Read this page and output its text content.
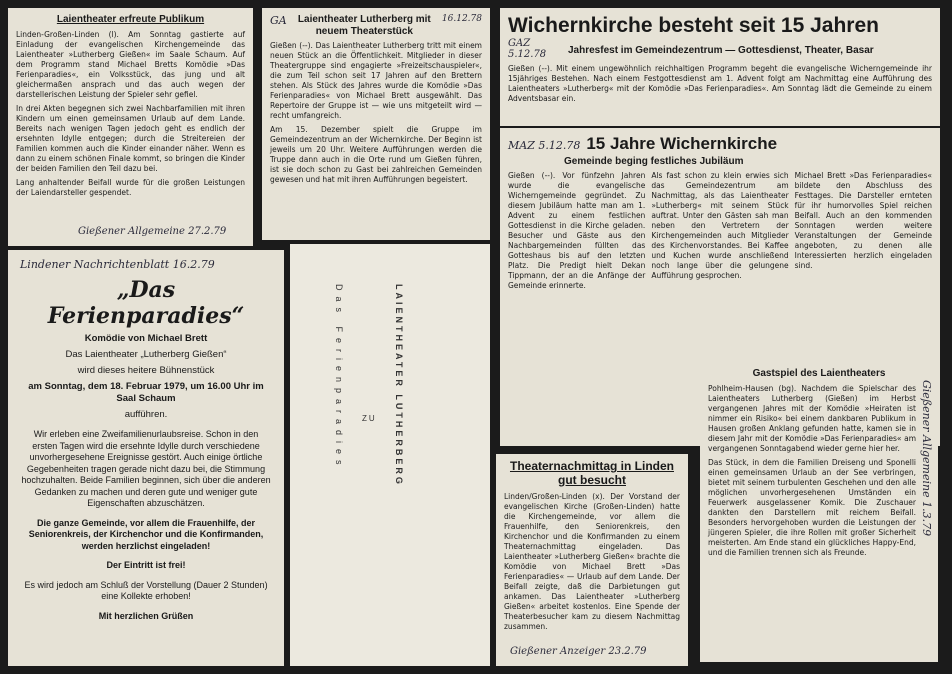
Laientheater erfreute Publikum

Linden-Großen-Linden (l). Am Sonntag gastierte auf Einladung der evangelischen Kirchengemeinde das Laientheater »Lutherberg Gießen« im Saale Schaum. Auf dem Programm stand Michael Bretts Komödie »Das Ferienparadies«, ein Volksstück, das jung und alt gleichermaßen ansprach und das auch wegen der darstellerischen Leistung der Spieler sehr gefiel.

In drei Akten begegnen sich zwei Nachbarfamilien mit ihren Kindern um einen gemeinsamen Urlaub auf dem Lande. Bereits nach wenigen Tagen jedoch geht es endlich der ersehnten Idylle entgegen; durch die Streitereien der Familien kommen auch die Kinder einander näher. Wenn es dann zu einem schönen Finale kommt, so bringen die Kinder der beiden Familien den Teil dazu bei.

Lang anhaltender Beifall wurde für die großen Leistungen der Laiendarsteller gespendet.

Gießener Allgemeine 27.2.79
GA	Laientheater Lutherberg mit neuem Theaterstück
16.12.78

Gießen (--). Das Laientheater Lutherberg tritt mit einem neuen Stück an die Öffentlichkeit. Mitglieder in dieser Theatergruppe sind engagierte »Freizeitschauspieler«, die zum Teil schon seit 17 Jahren auf den Brettern stehen. Als Stück des Jahres wurde die Komödie »Das Ferienparadies« von Michael Brett ausgewählt. Das Repertoire der Gruppe ist — wie uns mitgeteilt wird — recht umfangreich.

Am 15. Dezember spielt die Gruppe im Gemeindezentrum an der Wichernkirche. Der Beginn ist jeweils um 20 Uhr. Weitere Aufführungen werden die Truppe dann auch in die Orte rund um Gießen führen, ist sie doch schon zu Gast bei zahlreichen Gemeinden gewesen und hat mit ihren Aufführungen begeistert.

Wichernkirche besteht seit 15 Jahren
GAZ 5.12.78	Jahresfest im Gemeindezentrum — Gottesdienst, Theater, Basar

Gießen (--). Mit einem ungewöhnlich reichhaltigen Programm begeht die evangelische Wicherngemeinde ihr 15jähriges Bestehen. Nach einem Festgottesdienst am 1. Advent folgt am Nachmittag eine Aufführung des Laientheaters »Lutherberg« mit der Komödie »Das Ferienparadies«. Am Sonntag lädt die Gemeinde zu einem Adventsbasar ein.

MAZ 5.12.78 15 Jahre Wichernkirche
Gemeinde beging festliches Jubiläum
Gießen (--). Vor fünfzehn Jahren wurde die evangelische Wicherngemeinde gegründet. Zu diesem Jubiläum hatte man am 1. Advent zu einem festlichen Gottesdienst in die Kirche geladen. Besucher und Gäste aus den Nachbargemeinden füllten das Gotteshaus bis auf den letzten Platz. Die Predigt hielt Dekan Tippmann, der an die Anfänge der Gemeinde erinnerte.
Als fast schon zu klein erwies sich das Gemeindezentrum am Nachmittag, als das Laientheater »Lutherberg« mit seinem Stück auftrat. Unter den Gästen sah man neben den Vertretern der Kirchengemeinden auch Mitglieder des Kirchenvorstandes. Bei Kaffee und Kuchen wurde anschließend noch lange über die gelungene Aufführung gesprochen.
Michael Brett »Das Ferienparadies« bildete den Abschluss des Festtages. Die Darsteller ernteten für ihr humorvolles Spiel reichen Beifall. Auch an den kommenden Sonntagen werden weitere Veranstaltungen der Gemeinde angeboten, zu denen alle Interessierten herzlich eingeladen sind.
Lindener Nachrichtenblatt 16.2.79
„Das Ferienparadies“
Komödie von Michael Brett
Das Laientheater „Lutherberg Gießen“
wird dieses heitere Bühnenstück
am Sonntag, dem 18. Februar 1979, um 16.00 Uhr im Saal Schaum
aufführen.
Wir erleben eine Zweifamilienurlaubsreise. Schon in den ersten Tagen wird die ersehnte Idylle durch verschiedene unvorhergesehene Ereignisse gestört. Auch einige örtliche Gegebenheiten tragen gerade nicht dazu bei, die Stimmung hochzuhalten. Beide Familien beginnen, sich über die anderen Gedanken zu machen und deren gute und weniger gute Eigenschaften abzuschätzen.
Die ganze Gemeinde, vor allem die Frauenhilfe, der Seniorenkreis, der Kirchenchor und die Konfirmanden, werden herzlichst eingeladen!
Der Eintritt ist frei!
Es wird jedoch am Schluß der Vorstellung (Dauer 2 Stunden) eine Kollekte erhoben!
Mit herzlichen Grüßen
Das Ferienparadies	LAIENTHEATER LUTHERBERG
ZU
Theaternachmittag in Linden gut besucht

Linden/Großen-Linden (x). Der Vorstand der evangelischen Kirche (Großen-Linden) hatte die Kirchengemeinde, vor allem die Frauenhilfe, den Seniorenkreis, den Kirchenchor und die Konfirmanden zu einem Theaternachmittag eingeladen. Das Laientheater »Lutherberg Gießen« brachte die Komödie von Michael Brett »Das Ferienparadies« — Urlaub auf dem Lande. Der Beifall zeigte, daß die Darbietungen gut ankamen. Das Laientheater »Lutherberg Gießen« arbeitet kostenlos. Eine Spende der Theaterbesucher kam zu diesem Nachmittag zusammen.

Gießener Anzeiger 23.2.79
Gastspiel des Laientheaters

Pohlheim-Hausen (bg). Nachdem die Spielschar des Laientheaters Lutherberg (Gießen) im Herbst vergangenen Jahres mit der Komödie »Heiraten ist nimmer ein Risiko« bei einem dankbaren Publikum in Hausen großen Anklang gefunden hatte, kamen sie in diesem Jahr mit der Komödie »Das Ferienparadies« am vergangenen Sonntagabend wieder gerne hier her.

Das Stück, in dem die Familien Dreiseng und Sponelli einen gemeinsamen Urlaub an der See verbringen, bietet mit seinem turbulenten Geschehen und den alle möglichen unvorhergesehenen Umständen ein Feuerwerk ausgelassener Komik. Die Zuschauer dankten den Darstellern mit reichem Beifall. Besonders hervorgehoben wurden die Leistungen der jüngeren Spieler, die ihre Rollen mit großer Sicherheit meisterten. Am Ende stand ein glückliches Happy-End, und die Familien trennen sich als Freunde.

Gießener Allgemeine 1.3.79
